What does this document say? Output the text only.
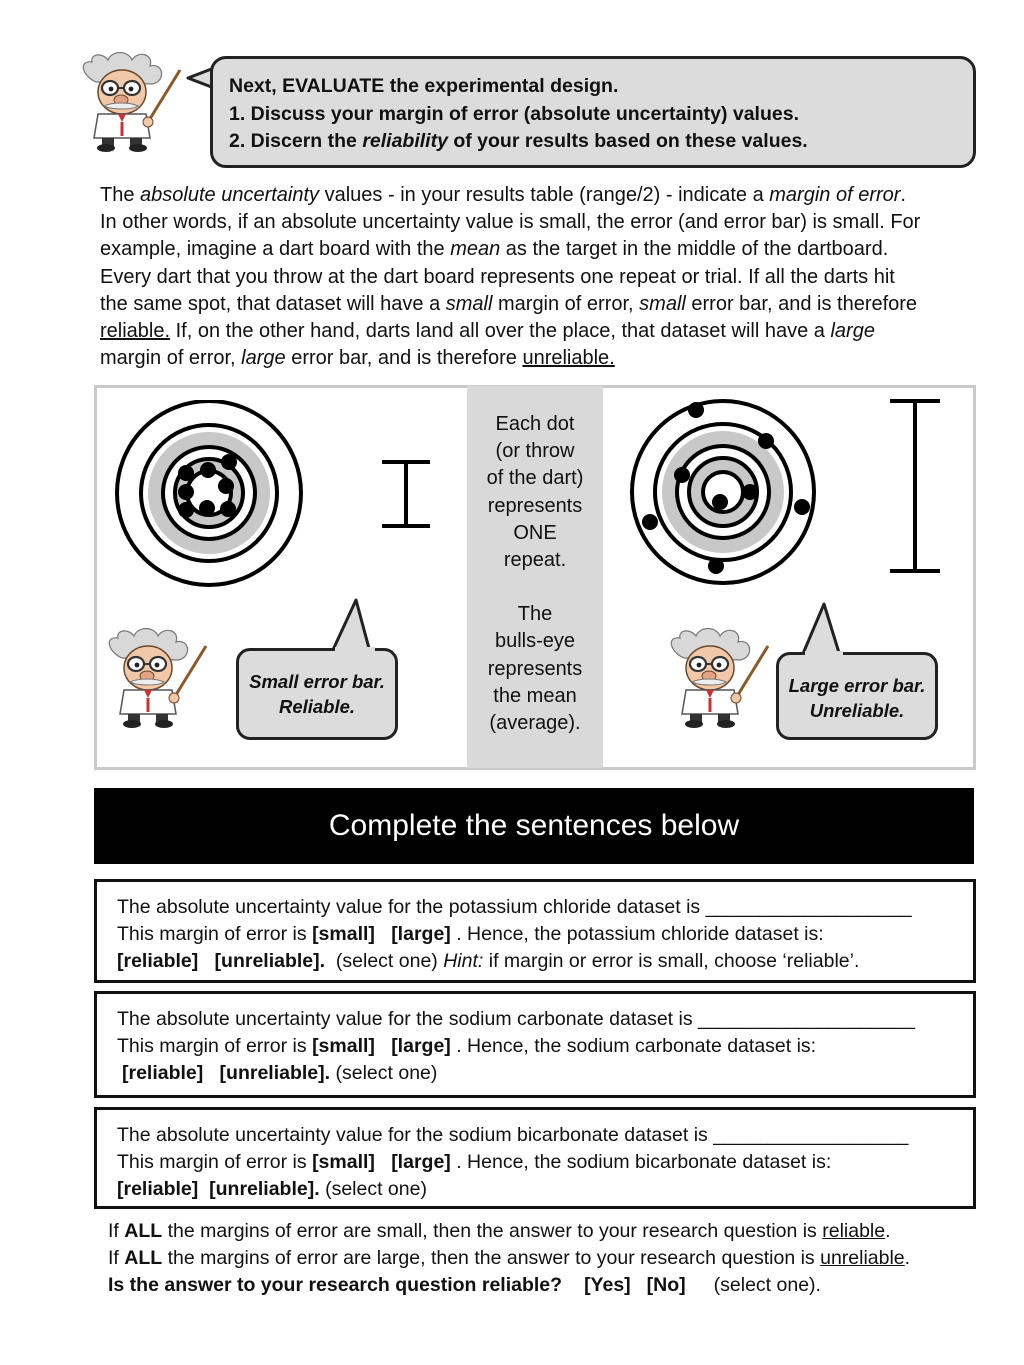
Next, EVALUATE the experimental design.

1. Discuss your margin of error (absolute uncertainty) values.

2. Discern the reliability of your results based on these values.

The absolute uncertainty values - in your results table (range/2) - indicate a margin of error.

In other words, if an absolute uncertainty value is small, the error (and error bar) is small. For

example, imagine a dart board with the mean as the target in the middle of the dartboard.

Every dart that you throw at the dart board represents one repeat or trial. If all the darts hit

the same spot, that dataset will have a small margin of error, small error bar, and is therefore

reliable. If, on the other hand, darts land all over the place, that dataset will have a large

margin of error, large error bar, and is therefore unreliable.

Each dot

(or throw

of the dart)

represents

ONE

repeat.

The

bulls-eye

represents

the mean

(average).

Small error bar.

Reliable.

Large error bar.

Unreliable.

Complete the sentences below

The absolute uncertainty value for the potassium chloride dataset is ___________________

This margin of error is [small] [large] . Hence, the potassium chloride dataset is:

[reliable] [unreliable].  (select one) Hint: if margin or error is small, choose ‘reliable’.

The absolute uncertainty value for the sodium carbonate dataset is ____________________

This margin of error is [small] [large] . Hence, the sodium carbonate dataset is:

[reliable] [unreliable]. (select one)

The absolute uncertainty value for the sodium bicarbonate dataset is __________________

This margin of error is [small] [large] . Hence, the sodium bicarbonate dataset is:

[reliable] [unreliable]. (select one)

If ALL the margins of error are small, then the answer to your research question is reliable.

If ALL the margins of error are large, then the answer to your research question is unreliable.

Is the answer to your research question reliable? [Yes] [No] (select one).
